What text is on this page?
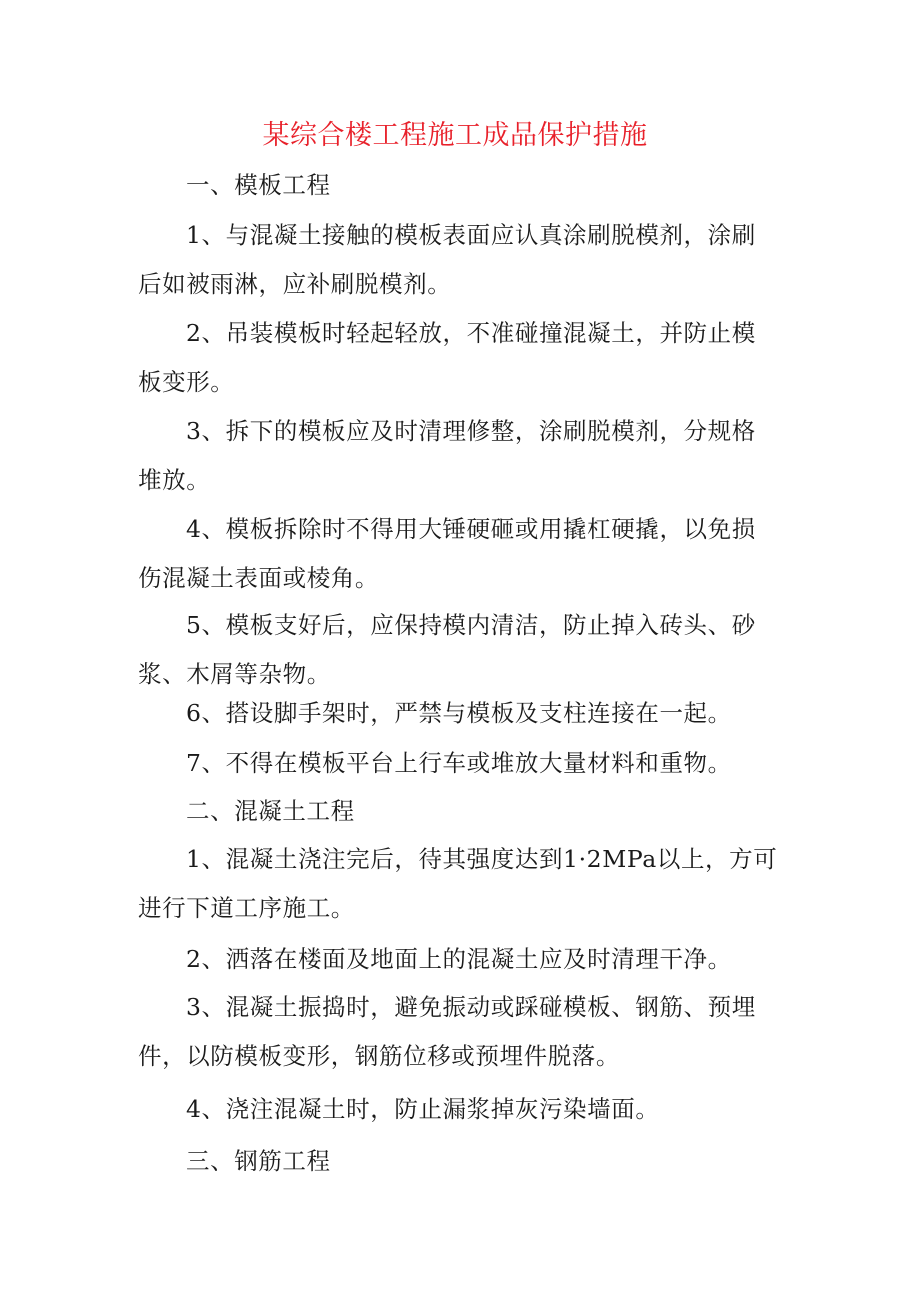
某综合楼工程施工成品保护措施

一、模板工程

1、与混凝土接触的模板表面应认真涂刷脱模剂，涂刷后如被雨淋，应补刷脱模剂。

2、吊装模板时轻起轻放，不准碰撞混凝土，并防止模板变形。

3、拆下的模板应及时清理修整，涂刷脱模剂，分规格堆放。

4、模板拆除时不得用大锤硬砸或用撬杠硬撬，以免损伤混凝土表面或棱角。

5、模板支好后，应保持模内清洁，防止掉入砖头、砂浆、木屑等杂物。

6、搭设脚手架时，严禁与模板及支柱连接在一起。

7、不得在模板平台上行车或堆放大量材料和重物。

二、混凝土工程

1、混凝土浇注完后，待其强度达到1·2MPa以上，方可进行下道工序施工。

2、洒落在楼面及地面上的混凝土应及时清理干净。

3、混凝土振捣时，避免振动或踩碰模板、钢筋、预埋件，以防模板变形，钢筋位移或预埋件脱落。

4、浇注混凝土时，防止漏浆掉灰污染墙面。

三、钢筋工程
